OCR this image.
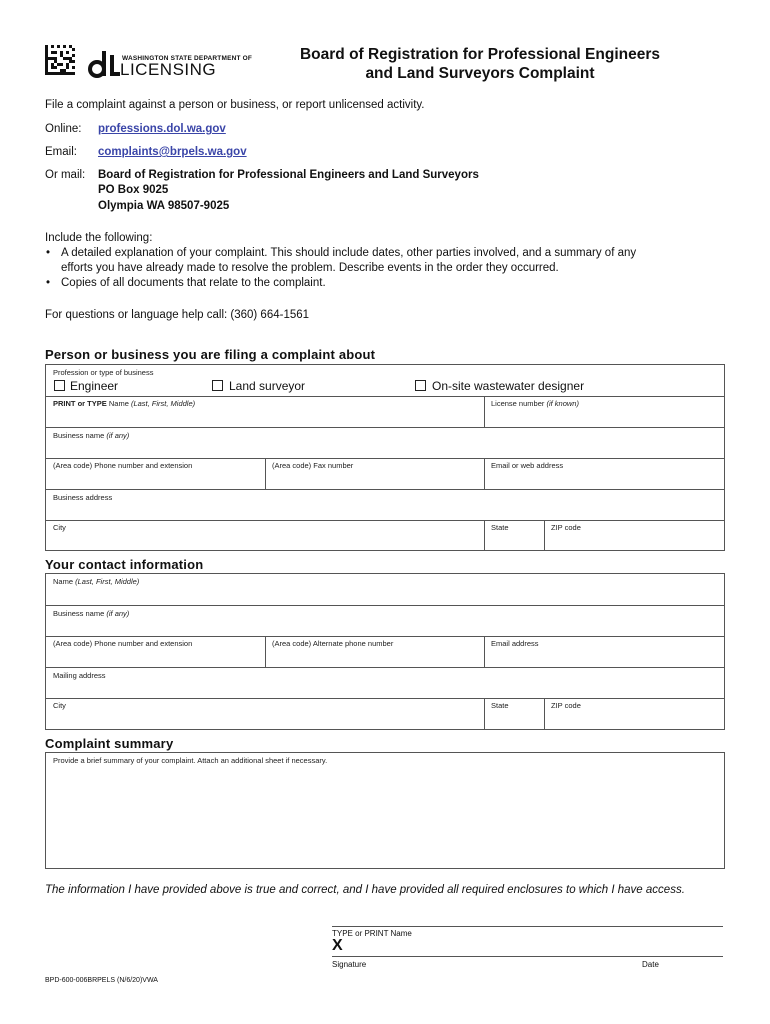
WASHINGTON STATE DEPARTMENT OF
LICENSING
Board of Registration for Professional Engineers
and Land Surveyors Complaint
File a complaint against a person or business, or report unlicensed activity.
Online: professions.dol.wa.gov
Email: complaints@brpels.wa.gov
Or mail: Board of Registration for Professional Engineers and Land Surveyors
PO Box 9025
Olympia WA 98507-9025
Include the following:
• A detailed explanation of your complaint. This should include dates, other parties involved, and a summary of any
efforts you have already made to resolve the problem. Describe events in the order they occurred.
• Copies of all documents that relate to the complaint.
For questions or language help call: (360) 664-1561
Person or business you are filing a complaint about
Profession or type of business
Engineer	Land surveyor	On-site wastewater designer
PRINT or TYPE Name (Last, First, Middle)	License number (if known)
Business name (if any)
(Area code) Phone number and extension	(Area code) Fax number	Email or web address
Business address
City	State	ZIP code
Your contact information
Name (Last, First, Middle)
Business name (if any)
(Area code) Phone number and extension	(Area code) Alternate phone number	Email address
Mailing address
City	State	ZIP code
Complaint summary
Provide a brief summary of your complaint. Attach an additional sheet if necessary.
The information I have provided above is true and correct, and I have provided all required enclosures to which I have access.
TYPE or PRINT Name
X
Signature	Date
BPD-600-006BRPELS (N/6/20)VWA
